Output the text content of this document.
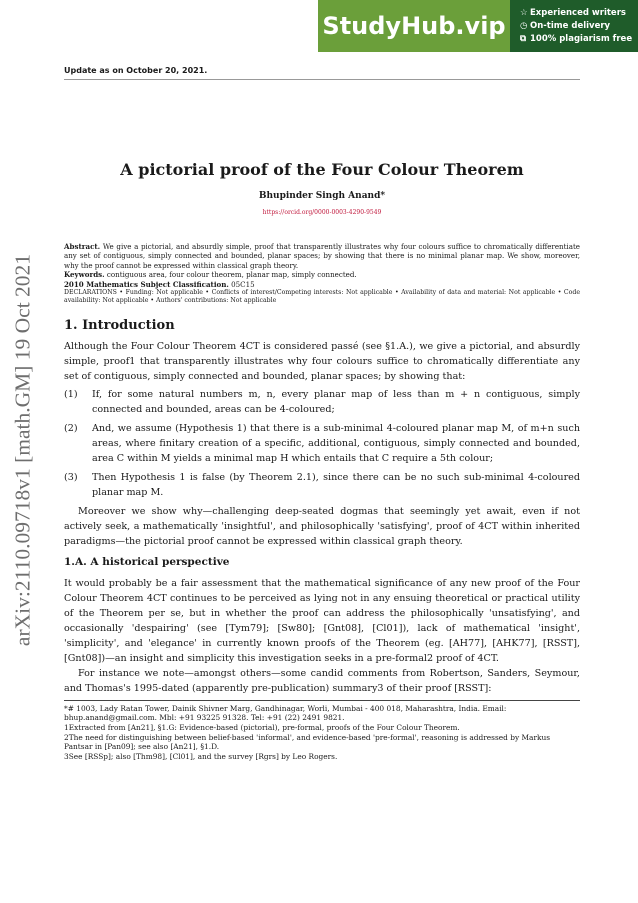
StudyHub.vip	☆ Experienced writers
◷ On-time delivery
⧉ 100% plagiarism free
arXiv:2110.09718v1 [math.GM] 19 Oct 2021

Update as on October 20, 2021.

A pictorial proof of the Four Colour Theorem
Bhupinder Singh Anand*
https://orcid.org/0000-0003-4290-9549

Abstract. We give a pictorial, and absurdly simple, proof that transparently illustrates why four colours suffice to chromatically differentiate any set of contiguous, simply connected and bounded, planar spaces; by showing that there is no minimal planar map. We show, moreover, why the proof cannot be expressed within classical graph theory.

Keywords. contiguous area, four colour theorem, planar map, simply connected.

2010 Mathematics Subject Classification. 05C15

DECLARATIONS • Funding: Not applicable • Conflicts of interest/Competing interests: Not applicable • Availability of data and material: Not applicable • Code availability: Not applicable • Authors' contributions: Not applicable

1. Introduction

Although the Four Colour Theorem 4CT is considered passé (see §1.A.), we give a pictorial, and absurdly simple, proof1 that transparently illustrates why four colours suffice to chromatically differentiate any set of contiguous, simply connected and bounded, planar spaces; by showing that:

(1)	If, for some natural numbers m, n, every planar map of less than m + n contiguous, simply connected and bounded, areas can be 4-coloured;
(2)	And, we assume (Hypothesis 1) that there is a sub-minimal 4-coloured planar map M, of m+n such areas, where finitary creation of a specific, additional, contiguous, simply connected and bounded, area C within M yields a minimal map H which entails that C require a 5th colour;
(3)	Then Hypothesis 1 is false (by Theorem 2.1), since there can be no such sub-minimal 4-coloured planar map M.

Moreover we show why—challenging deep-seated dogmas that seemingly yet await, even if not actively seek, a mathematically 'insightful', and philosophically 'satisfying', proof of 4CT within inherited paradigms—the pictorial proof cannot be expressed within classical graph theory.

1.A. A historical perspective

It would probably be a fair assessment that the mathematical significance of any new proof of the Four Colour Theorem 4CT continues to be perceived as lying not in any ensuing theoretical or practical utility of the Theorem per se, but in whether the proof can address the philosophically 'unsatisfying', and occasionally 'despairing' (see [Tym79]; [Sw80]; [Gnt08], [Cl01]), lack of mathematical 'insight', 'simplicity', and 'elegance' in currently known proofs of the Theorem (eg. [AH77], [AHK77], [RSST], [Gnt08])—an insight and simplicity this investigation seeks in a pre-formal2 proof of 4CT.

For instance we note—amongst others—some candid comments from Robertson, Sanders, Seymour, and Thomas's 1995-dated (apparently pre-publication) summary3 of their proof [RSST]:

*# 1003, Lady Ratan Tower, Dainik Shivner Marg, Gandhinagar, Worli, Mumbai - 400 018, Maharashtra, India. Email: bhup.anand@gmail.com. Mbl: +91 93225 91328. Tel: +91 (22) 2491 9821.

1Extracted from [An21], §1.G: Evidence-based (pictorial), pre-formal, proofs of the Four Colour Theorem.

2The need for distinguishing between belief-based 'informal', and evidence-based 'pre-formal', reasoning is addressed by Markus Pantsar in [Pan09]; see also [An21], §1.D.

3See [RSSp]; also [Thm98], [Cl01], and the survey [Rgrs] by Leo Rogers.
